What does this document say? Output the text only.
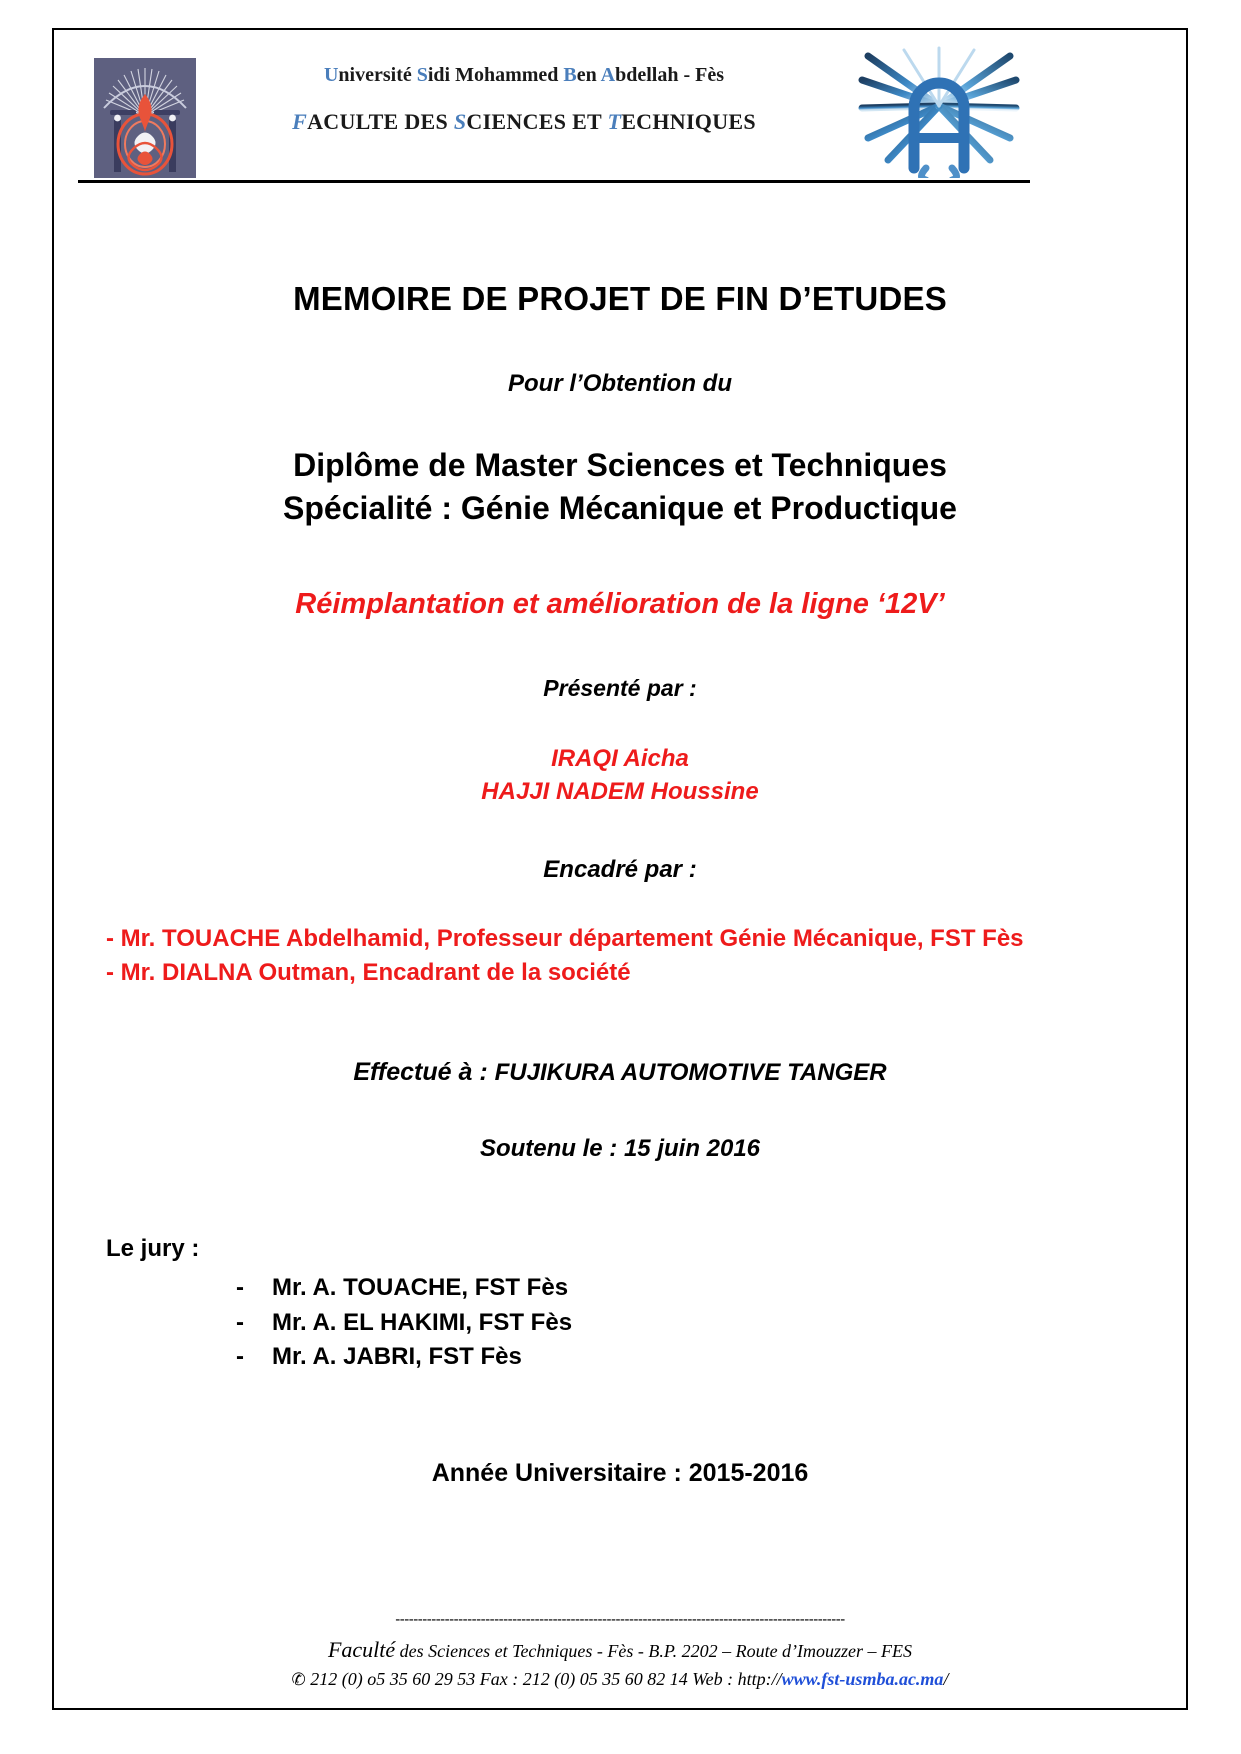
Université Sidi Mohammed Ben Abdellah - Fès
FACULTE DES SCIENCES ET TECHNIQUES
MEMOIRE DE PROJET DE FIN D’ETUDES
Pour l’Obtention du
Diplôme de Master Sciences et Techniques
Spécialité : Génie Mécanique et Productique
Réimplantation et amélioration de la ligne ‘12V’
Présenté par :
IRAQI Aicha
HAJJI NADEM Houssine
Encadré par :
- Mr. TOUACHE Abdelhamid, Professeur département Génie Mécanique, FST Fès
- Mr. DIALNA Outman, Encadrant de la société
Effectué à : FUJIKURA AUTOMOTIVE TANGER
Soutenu le : 15 juin 2016
Le jury :
- Mr. A. TOUACHE, FST Fès
- Mr. A. EL HAKIMI, FST Fès
- Mr. A. JABRI, FST Fès
Année Universitaire : 2015-2016
----------------------------------------------------------------------------------------------------
Faculté des Sciences et Techniques - Fès - B.P. 2202 – Route d’Imouzzer – FES
✆ 212 (0) o5 35 60 29 53 Fax : 212 (0) 05 35 60 82 14 Web : http://www.fst-usmba.ac.ma/
